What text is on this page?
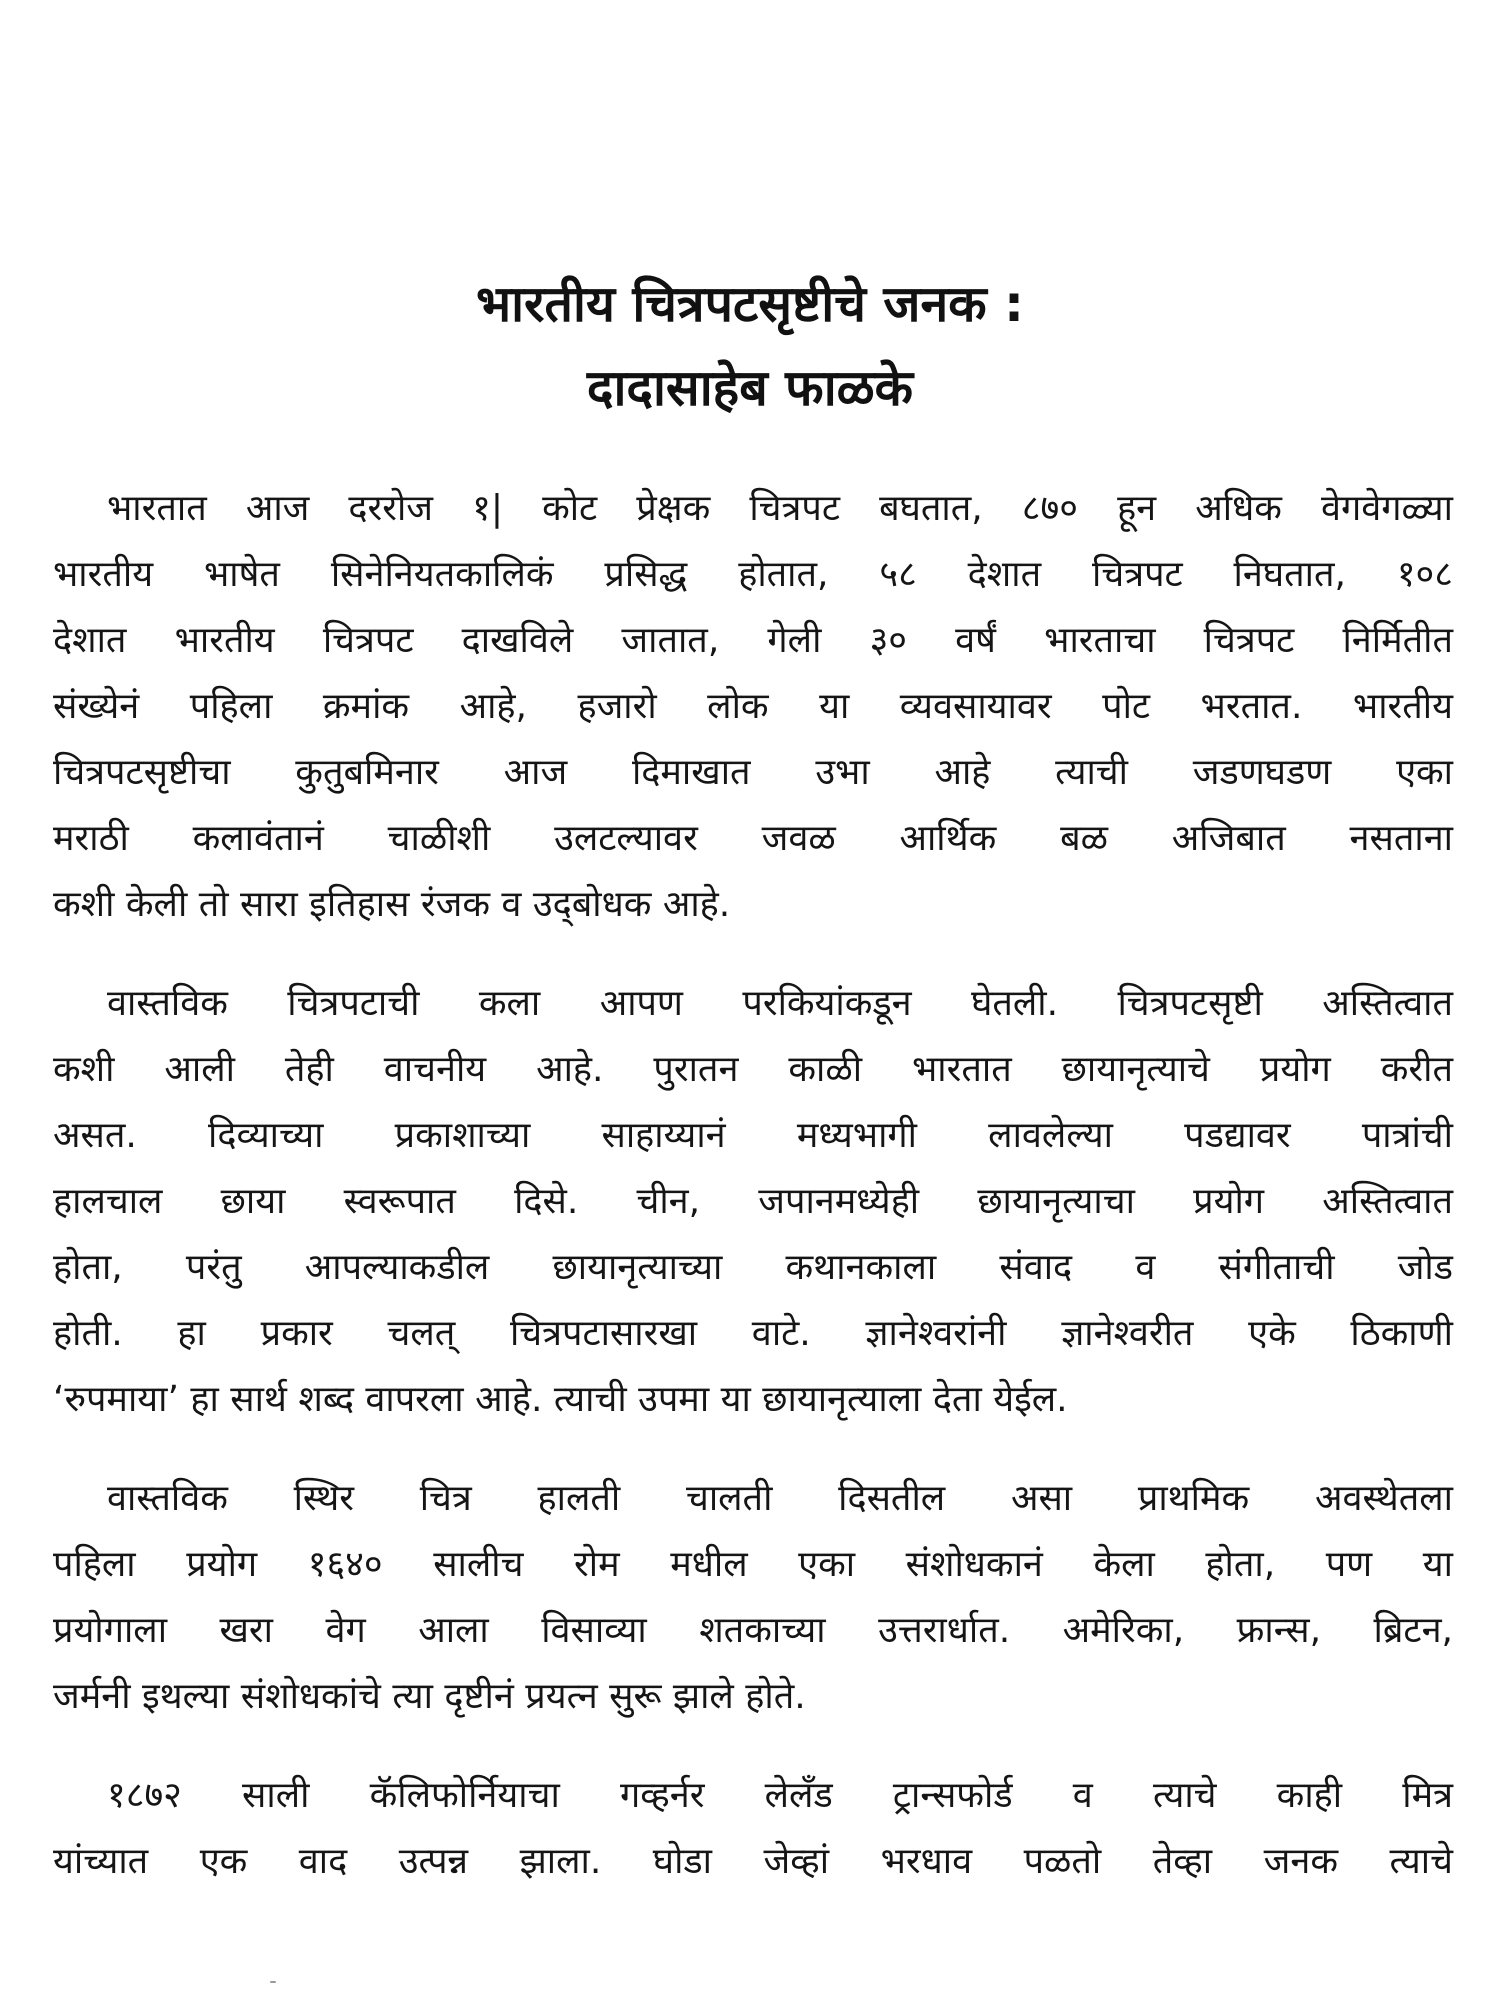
भारतीय चित्रपटसृष्टीचे जनक :
दादासाहेब फाळके
भारतात आज दररोज १| कोट प्रेक्षक चित्रपट बघतात, ८७० हून अधिक वेगवेगळ्या
भारतीय भाषेत सिनेनियतकालिकं प्रसिद्ध होतात, ५८ देशात चित्रपट निघतात, १०८
देशात भारतीय चित्रपट दाखविले जातात, गेली ३० वर्षं भारताचा चित्रपट निर्मितीत
संख्येनं पहिला क्रमांक आहे, हजारो लोक या व्यवसायावर पोट भरतात. भारतीय
चित्रपटसृष्टीचा कुतुबमिनार आज दिमाखात उभा आहे त्याची जडणघडण एका
मराठी कलावंतानं चाळीशी उलटल्यावर जवळ आर्थिक बळ अजिबात नसताना
कशी केली तो सारा इतिहास रंजक व उद्‌बोधक आहे.
वास्तविक चित्रपटाची कला आपण परकियांकडून घेतली. चित्रपटसृष्टी अस्तित्वात
कशी आली तेही वाचनीय आहे. पुरातन काळी भारतात छायानृत्याचे प्रयोग करीत
असत. दिव्याच्या प्रकाशाच्या साहाय्यानं मध्यभागी लावलेल्या पडद्यावर पात्रांची
हालचाल छाया स्वरूपात दिसे. चीन, जपानमध्येही छायानृत्याचा प्रयोग अस्तित्वात
होता, परंतु आपल्याकडील छायानृत्याच्या कथानकाला संवाद व संगीताची जोड
होती. हा प्रकार चलत्‌ चित्रपटासारखा वाटे. ज्ञानेश्वरांनी ज्ञानेश्वरीत एके ठिकाणी
‘रुपमाया’ हा सार्थ शब्द वापरला आहे. त्याची उपमा या छायानृत्याला देता येईल.
वास्तविक स्थिर चित्र हालती चालती दिसतील असा प्राथमिक अवस्थेतला
पहिला प्रयोग १६४० सालीच रोम मधील एका संशोधकानं केला होता, पण या
प्रयोगाला खरा वेग आला विसाव्या शतकाच्या उत्तरार्धात. अमेरिका, फ्रान्स, ब्रिटन,
जर्मनी इथल्या संशोधकांचे त्या दृष्टीनं प्रयत्न सुरू झाले होते.
१८७२ साली कॅलिफोर्नियाचा गव्हर्नर लेलँड ट्रान्सफोर्ड व त्याचे काही मित्र
यांच्यात एक वाद उत्पन्न झाला. घोडा जेव्हां भरधाव पळतो तेव्हा जनक त्याचे
